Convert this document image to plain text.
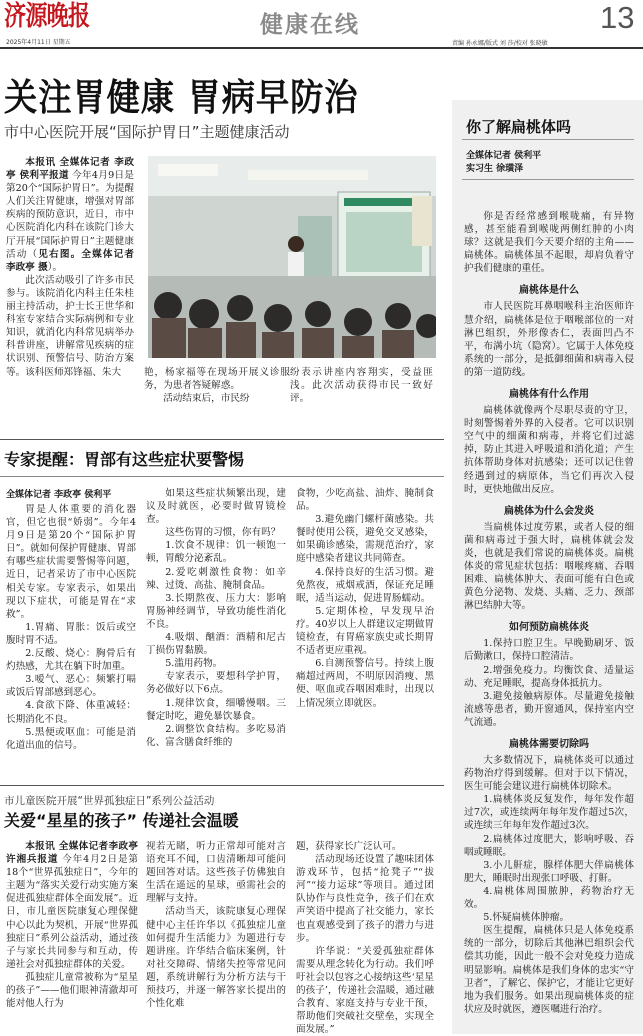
济源晚报
2025年4月11日 星期五
健康在线	13
责编 孙永娜/版式 刘 莎/校对 张晓敏
关注胃健康 胃病早防治
市中心医院开展“国际护胃日”主题健康活动

本报讯 全媒体记者 李政亭 侯利平报道 今年4月9日是第20个“国际护胃日”。为提醒人们关注胃健康，增强对胃部疾病的预防意识，近日，市中心医院消化内科在该院门诊大厅开展“国际护胃日”主题健康活动（见右图。全媒体记者 李政亭 摄）。

此次活动吸引了许多市民参与。该院消化内科主任朱桂丽主持活动，护士长王世华和科室专家结合实际病例和专业知识，就消化内科常见病举办科普讲座，讲解常见疾病的症状识别、预警信号、防治方案等。该科医师郑锋福、朱大	艳，杨家福等在现场开展义诊服务，为患者答疑解惑。

活动结束后，市民纷

纷表示讲座内容翔实，受益匪浅。此次活动获得市民一致好评。

专家提醒：胃部有这些症状要警惕
全媒体记者 李政亭 侯利平

胃是人体重要的消化器官，但它也很“娇弱”。今年4月9日是第20个“国际护胃日”。就如何保护胃健康、胃部有哪些症状需要警惕等问题，近日，记者采访了市中心医院相关专家。专家表示，如果出现以下症状，可能是胃在“求救”。

1.胃痛、胃胀：饭后或空腹时胃不适。

2.反酸、烧心：胸骨后有灼热感，尤其在躺下时加重。

3.嗳气、恶心：频繁打嗝或饭后胃部感到恶心。

4.食欲下降、体重减轻：长期消化不良。

5.黑便或呕血：可能是消化道出血的信号。

如果这些症状频繁出现，建议及时就医，必要时做胃镜检查。

这些伤胃的习惯，你有吗？

1.饮食不规律：饥一顿饱一顿，胃酸分泌紊乱。

2.爱吃刺激性食物：如辛辣、过烫、高盐、腌制食品。

3.长期熬夜、压力大：影响胃肠神经调节，导致功能性消化不良。

4.吸烟、酗酒：酒精和尼古丁损伤胃黏膜。

5.滥用药物。

专家表示，要想科学护胃，务必做好以下6点。

1.规律饮食，细嚼慢咽。三餐定时吃，避免暴饮暴食。

2.调整饮食结构。多吃易消化、富含膳食纤维的

食物，少吃高盐、油炸、腌制食品。

3.避免幽门螺杆菌感染。共餐时使用公筷，避免交叉感染，如果确诊感染，需规范治疗，家庭中感染者建议共同筛查。

4.保持良好的生活习惯。避免熬夜，戒烟戒酒，保证充足睡眠，适当运动，促进胃肠蠕动。

5.定期体检，早发现早治疗。40岁以上人群建议定期做胃镜检查，有胃癌家族史或长期胃不适者更应重视。

6.自测预警信号。持续上腹痛超过两周，不明原因消瘦、黑便、呕血或吞咽困难时，出现以上情况须立即就医。

市儿童医院开展“世界孤独症日”系列公益活动
关爱“星星的孩子” 传递社会温暖

本报讯 全媒体记者李政亭 许湘兵报道 今年4月2日是第18个“世界孤独症日”，今年的主题为“落实关爱行动实施方案 促进孤独症群体全面发展”。近日，市儿童医院康复心理保健中心以此为契机，开展“世界孤独症日”系列公益活动，通过孩子与家长共同参与和互动，传递社会对孤独症群体的关爱。

孤独症儿童常被称为“星星的孩子”——他们眼神清澈却可能对他人行为

视若无睹，听力正常却可能对言语充耳不闻，口齿清晰却可能问题回答对话。这些孩子仿佛独自生活在遥远的星球，亟需社会的理解与支持。

活动当天，该院康复心理保健中心主任许华以《孤独症儿童如何提升生活能力》为题进行专题讲座。许华结合临床案例，针对社交障碍、情绪失控等常见问题，系统讲解行为分析方法与干预技巧，并逐一解答家长提出的个性化难

题，获得家长广泛认可。

活动现场还设置了趣味团体游戏环节，包括“抢凳子”“拔河”“接力运球”等项目。通过团队协作与良性竞争，孩子们在欢声笑语中提高了社交能力，家长也直观感受到了孩子的潜力与进步。

许华说：“关爱孤独症群体需要从理念转化为行动。我们呼吁社会以包容之心接纳这些‘星星的孩子’，传递社会温暖，通过融合教育、家庭支持与专业干预，帮助他们突破社交壁垒，实现全面发展。”

你了解扁桃体吗
全媒体记者 侯利平
实习生 徐璜泽

你是否经常感到喉咙痛，有异物感，甚至能看到喉咙两侧红肿的小肉球？这就是我们今天要介绍的主角——扁桃体。扁桃体虽不起眼，却肩负着守护我们健康的重任。

扁桃体是什么

市人民医院耳鼻咽喉科主治医师许慧介绍，扁桃体是位于咽喉部位的一对淋巴组织，外形像杏仁，表面凹凸不平，布满小坑（隐窝）。它属于人体免疫系统的一部分，是抵御细菌和病毒入侵的第一道防线。

扁桃体有什么作用

扁桃体就像两个尽职尽责的守卫，时刻警惕着外界的入侵者。它可以识别空气中的细菌和病毒，并将它们过滤掉，防止其进入呼吸道和消化道；产生抗体帮助身体对抗感染；还可以记住曾经遇到过的病原体，当它们再次入侵时，更快地做出反应。

扁桃体为什么会发炎

当扁桃体过度劳累，或者人侵的细菌和病毒过于强大时，扁桃体就会发炎，也就是我们常说的扁桃体炎。扁桃体炎的常见症状包括：咽喉疼痛、吞咽困难、扁桃体肿大、表面可能有白色或黄色分泌物、发烧、头痛、乏力、颈部淋巴结肿大等。

如何预防扁桃体炎

1.保持口腔卫生。早晚勤刷牙、饭后勤漱口，保持口腔清洁。

2.增强免疫力。均衡饮食、适量运动、充足睡眠，提高身体抵抗力。

3.避免接触病原体。尽量避免接触流感等患者，勤开窗通风，保持室内空气流通。

扁桃体需要切除吗

大多数情况下，扁桃体炎可以通过药物治疗得到缓解。但对于以下情况，医生可能会建议进行扁桃体切除术。

1.扁桃体炎反复发作，每年发作超过7次，或连续两年每年发作超过5次，或连续三年每年发作超过3次。

2.扁桃体过度肥大，影响呼吸、吞咽或睡眠。

3.小儿鼾症，腺样体肥大伴扁桃体肥大，睡眠时出现张口呼吸、打鼾。

4.扁桃体周围脓肿，药物治疗无效。

5.怀疑扁桃体肿瘤。

医生提醒，扁桃体只是人体免疫系统的一部分，切除后其他淋巴组织会代偿其功能，因此一般不会对免疫力造成明显影响。扁桃体是我们身体的忠实“守卫者”，了解它、保护它，才能让它更好地为我们服务。如果出现扁桃体炎的症状应及时就医，遵医嘱进行治疗。
